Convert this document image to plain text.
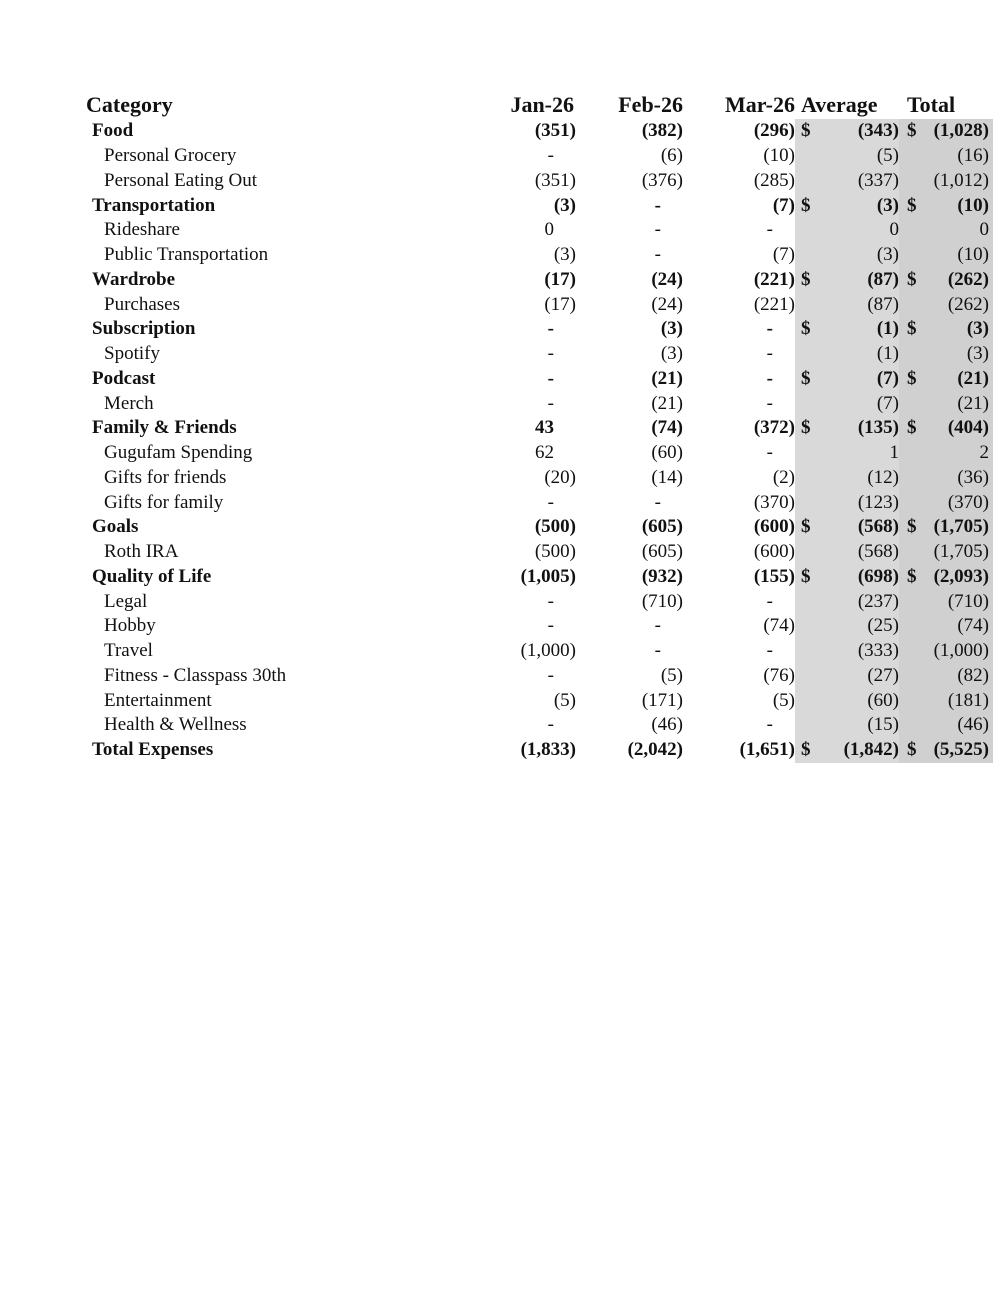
Category	Jan-26	Feb-26	Mar-26	Average		Total	

Food	(351)	(382)	(296)	$	(343)	$	(1,028)

Personal Grocery	-	(6)	(10)		(5)		(16)

Personal Eating Out	(351)	(376)	(285)		(337)		(1,012)

Transportation	(3)	-	(7)	$	(3)	$	(10)

Rideshare	0	-	-		0		0

Public Transportation	(3)	-	(7)		(3)		(10)

Wardrobe	(17)	(24)	(221)	$	(87)	$	(262)

Purchases	(17)	(24)	(221)		(87)		(262)

Subscription	-	(3)	-	$	(1)	$	(3)

Spotify	-	(3)	-		(1)		(3)

Podcast	-	(21)	-	$	(7)	$	(21)

Merch	-	(21)	-		(7)		(21)

Family & Friends	43	(74)	(372)	$	(135)	$	(404)

Gugufam Spending	62	(60)	-		1		2

Gifts for friends	(20)	(14)	(2)		(12)		(36)

Gifts for family	-	-	(370)		(123)		(370)

Goals	(500)	(605)	(600)	$	(568)	$	(1,705)

Roth IRA	(500)	(605)	(600)		(568)		(1,705)

Quality of Life	(1,005)	(932)	(155)	$	(698)	$	(2,093)

Legal	-	(710)	-		(237)		(710)

Hobby	-	-	(74)		(25)		(74)

Travel	(1,000)	-	-		(333)		(1,000)

Fitness - Classpass 30th	-	(5)	(76)		(27)		(82)

Entertainment	(5)	(171)	(5)		(60)		(181)

Health & Wellness	-	(46)	-		(15)		(46)

Total Expenses	(1,833)	(2,042)	(1,651)	$	(1,842)	$	(5,525)
